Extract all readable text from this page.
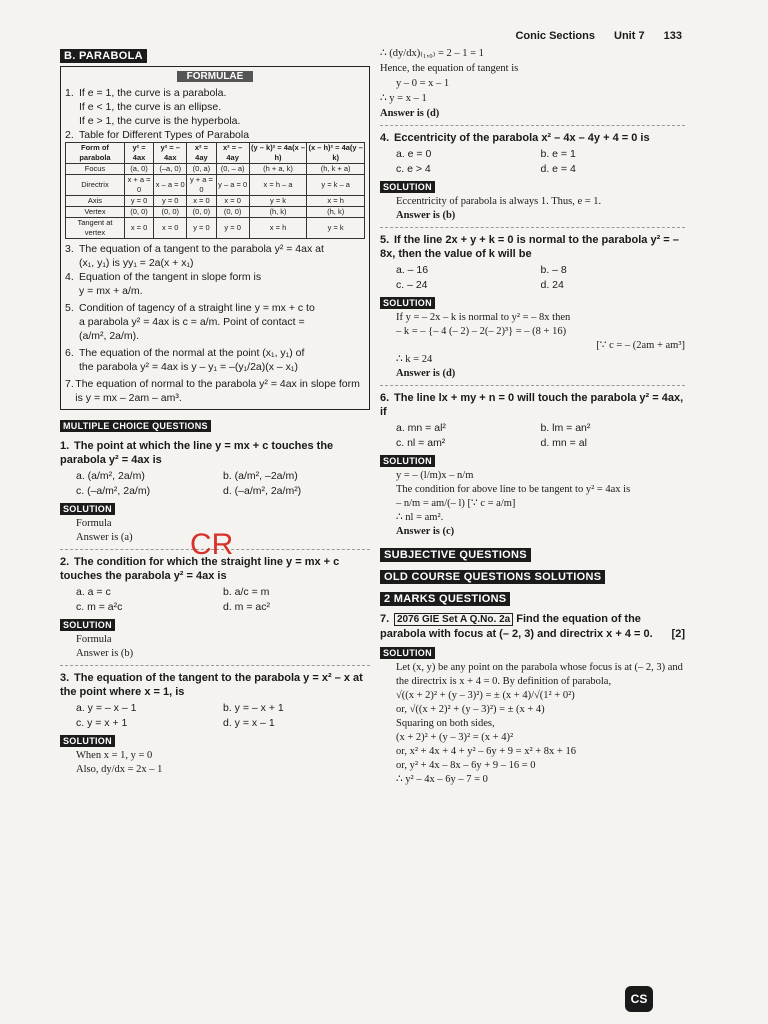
Conic Sections Unit 7 133
B. PARABOLA
FORMULAE
1. If e = 1, the curve is a parabola.
If e < 1, the curve is an ellipse.
If e > 1, the curve is the hyperbola.
2. Table for Different Types of Parabola
Form of parabola	y² = 4ax	y² = – 4ax	x² = 4ay	x² = – 4ay	(y – k)² = 4a(x – h)	(x – h)² = 4a(y – k)
Focus	(a, 0)	(–a, 0)	(0, a)	(0, – a)	(h + a, k)	(h, k + a)
Directrix	x + a = 0	x – a = 0	y + a = 0	y – a = 0	x = h – a	y = k – a
Axis	y = 0	y = 0	x = 0	x = 0	y = k	x = h
Vertex	(0, 0)	(0, 0)	(0, 0)	(0, 0)	(h, k)	(h, k)
Tangent at vertex	x = 0	x = 0	y = 0	y = 0	x = h	y = k
3. The equation of a tangent to the parabola y² = 4ax at
(x₁, y₁) is yy₁ = 2a(x + x₁)
4. Equation of the tangent in slope form is
y = mx + a/m.
5. Condition of tagency of a straight line y = mx + c to
a parabola y² = 4ax is c = a/m. Point of contact =
(a/m², 2a/m).
6. The equation of the normal at the point (x₁, y₁) of
the parabola y² = 4ax is y – y₁ = –(y₁/2a)(x – x₁)
7. The equation of normal to the parabola y² = 4ax in slope form is y = mx – 2am – am³.
MULTIPLE CHOICE QUESTIONS
1. The point at which the line y = mx + c touches the parabola y² = 4ax is
a. (a/m², 2a/m)	b. (a/m², –2a/m)
c. (–a/m², 2a/m)	d. (–a/m², 2a/m²)
SOLUTION
Formula
Answer is (a)
2. The condition for which the straight line y = mx + c touches the parabola y² = 4ax is
a. a = c	b. a/c = m
c. m = a²c	d. m = ac²
SOLUTION
Formula
Answer is (b)
3. The equation of the tangent to the parabola y = x² – x at the point where x = 1, is
a. y = – x – 1	b. y = – x + 1
c. y = x + 1	d. y = x – 1
SOLUTION
When x = 1, y = 0
Also, dy/dx = 2x – 1
∴ (dy/dx)₍₁,₀₎ = 2 – 1 = 1
Hence, the equation of tangent is
y – 0 = x – 1
∴ y = x – 1
Answer is (d)
4. Eccentricity of the parabola x² – 4x – 4y + 4 = 0 is
a. e = 0	b. e = 1
c. e > 4	d. e = 4
SOLUTION
Eccentricity of parabola is always 1. Thus, e = 1.
Answer is (b)
5. If the line 2x + y + k = 0 is normal to the parabola y² = – 8x, then the value of k will be
a. – 16	b. – 8
c. – 24	d. 24
SOLUTION
If y = – 2x – k is normal to y² = – 8x then
– k = – {– 4 (– 2) – 2(– 2)³} = – (8 + 16)
[∵ c = – (2am + am³]
∴ k = 24
Answer is (d)
6. The line lx + my + n = 0 will touch the parabola y² = 4ax, if
a. mn = al²	b. lm = an²
c. nl = am²	d. mn = al
SOLUTION
y = – (l/m)x – n/m
The condition for above line to be tangent to y² = 4ax is
– n/m = am/(– l) [∵ c = a/m]
∴ nl = am².
Answer is (c)
SUBJECTIVE QUESTIONS
OLD COURSE QUESTIONS SOLUTIONS
2 MARKS QUESTIONS
7. 2076 GIE Set A Q.No. 2a Find the equation of the parabola with focus at (– 2, 3) and directrix x + 4 = 0. [2]
SOLUTION
Let (x, y) be any point on the parabola whose focus is at (– 2, 3) and the directrix is x + 4 = 0. By definition of parabola,
√((x + 2)² + (y – 3)²) = ± (x + 4)/√(1² + 0²)
or, √((x + 2)² + (y – 3)²) = ± (x + 4)
Squaring on both sides,
(x + 2)² + (y – 3)² = (x + 4)²
or, x² + 4x + 4 + y² – 6y + 9 = x² + 8x + 16
or, y² + 4x – 8x – 6y + 9 – 16 = 0
∴ y² – 4x – 6y – 7 = 0
CR
CS
